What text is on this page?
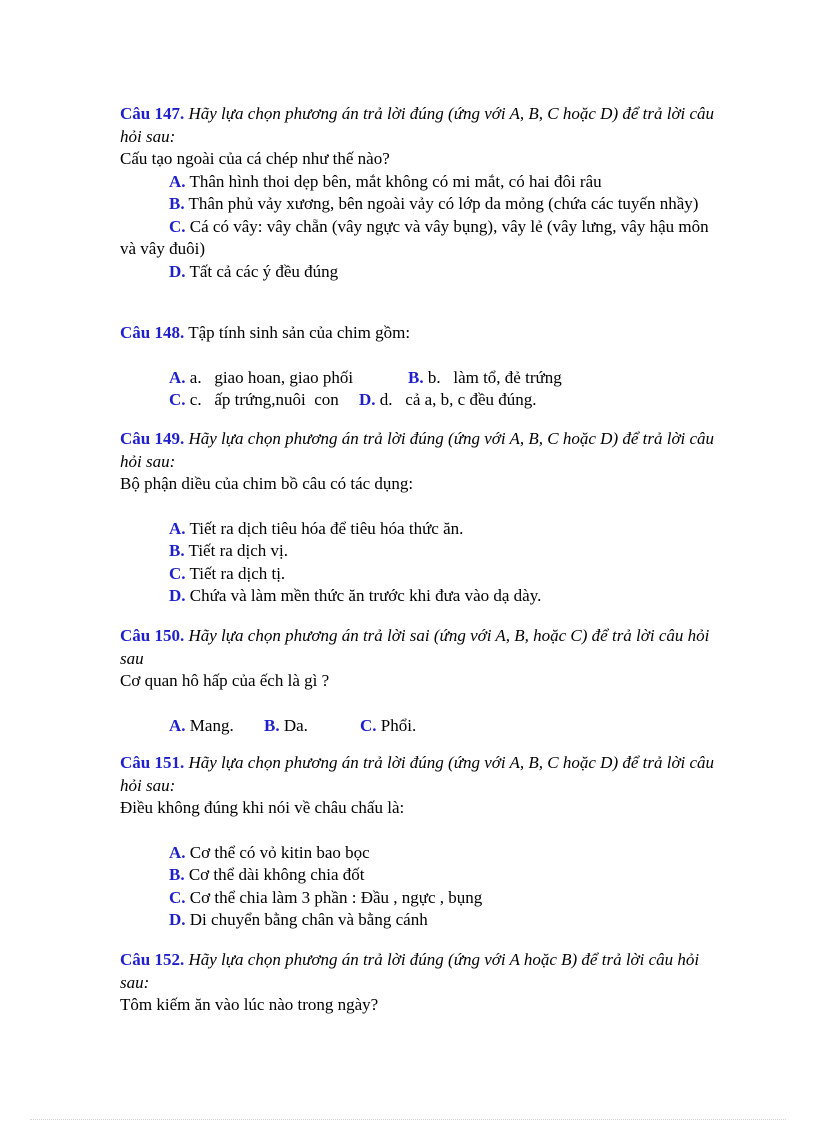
Câu 147. Hãy lựa chọn phương án trả lời đúng (ứng với A, B, C hoặc D) để trả lời câu hỏi sau:
Cấu tạo ngoài của cá chép như thế nào?
A. Thân hình thoi dẹp bên, mắt không có mi mắt, có hai đôi râu
B. Thân phủ vảy xương, bên ngoài vảy có lớp da mỏng (chứa các tuyến nhầy)
C. Cá có vây: vây chẵn (vây ngực và vây bụng), vây lẻ (vây lưng, vây hậu môn và vây đuôi)
D. Tất cả các ý đều đúng
Câu 148. Tập tính sinh sản của chim gồm:
A. a.   giao hoan, giao phối	B. b.   làm tổ, đẻ trứng
C. c.   ấp trứng,nuôi  con	D. d.   cả a, b, c đều đúng.
Câu 149. Hãy lựa chọn phương án trả lời đúng (ứng với A, B, C hoặc D) để trả lời câu hỏi sau:
Bộ phận diều của chim bồ câu có tác dụng:
A. Tiết ra dịch tiêu hóa để tiêu hóa thức ăn.
B. Tiết ra dịch vị.
C. Tiết ra dịch tị.
D. Chứa và làm mền thức ăn trước khi đưa vào dạ dày.
Câu 150. Hãy lựa chọn phương án trả lời sai (ứng với A, B, hoặc C) để trả lời câu hỏi sau
Cơ quan hô hấp của ếch là gì ?
A. Mang.	B. Da.	C. Phổi.
Câu 151. Hãy lựa chọn phương án trả lời đúng (ứng với A, B, C hoặc D) để trả lời câu hỏi sau:
Điều không đúng khi nói về châu chấu là:
A. Cơ thể có vỏ kitin bao bọc
B. Cơ thể dài không chia đốt
C. Cơ thể chia làm 3 phần : Đầu , ngực , bụng
D. Di chuyển bằng chân và bằng cánh
Câu 152. Hãy lựa chọn phương án trả lời đúng (ứng với A hoặc B) để trả lời câu hỏi sau:
Tôm kiếm ăn vào lúc nào trong ngày?
